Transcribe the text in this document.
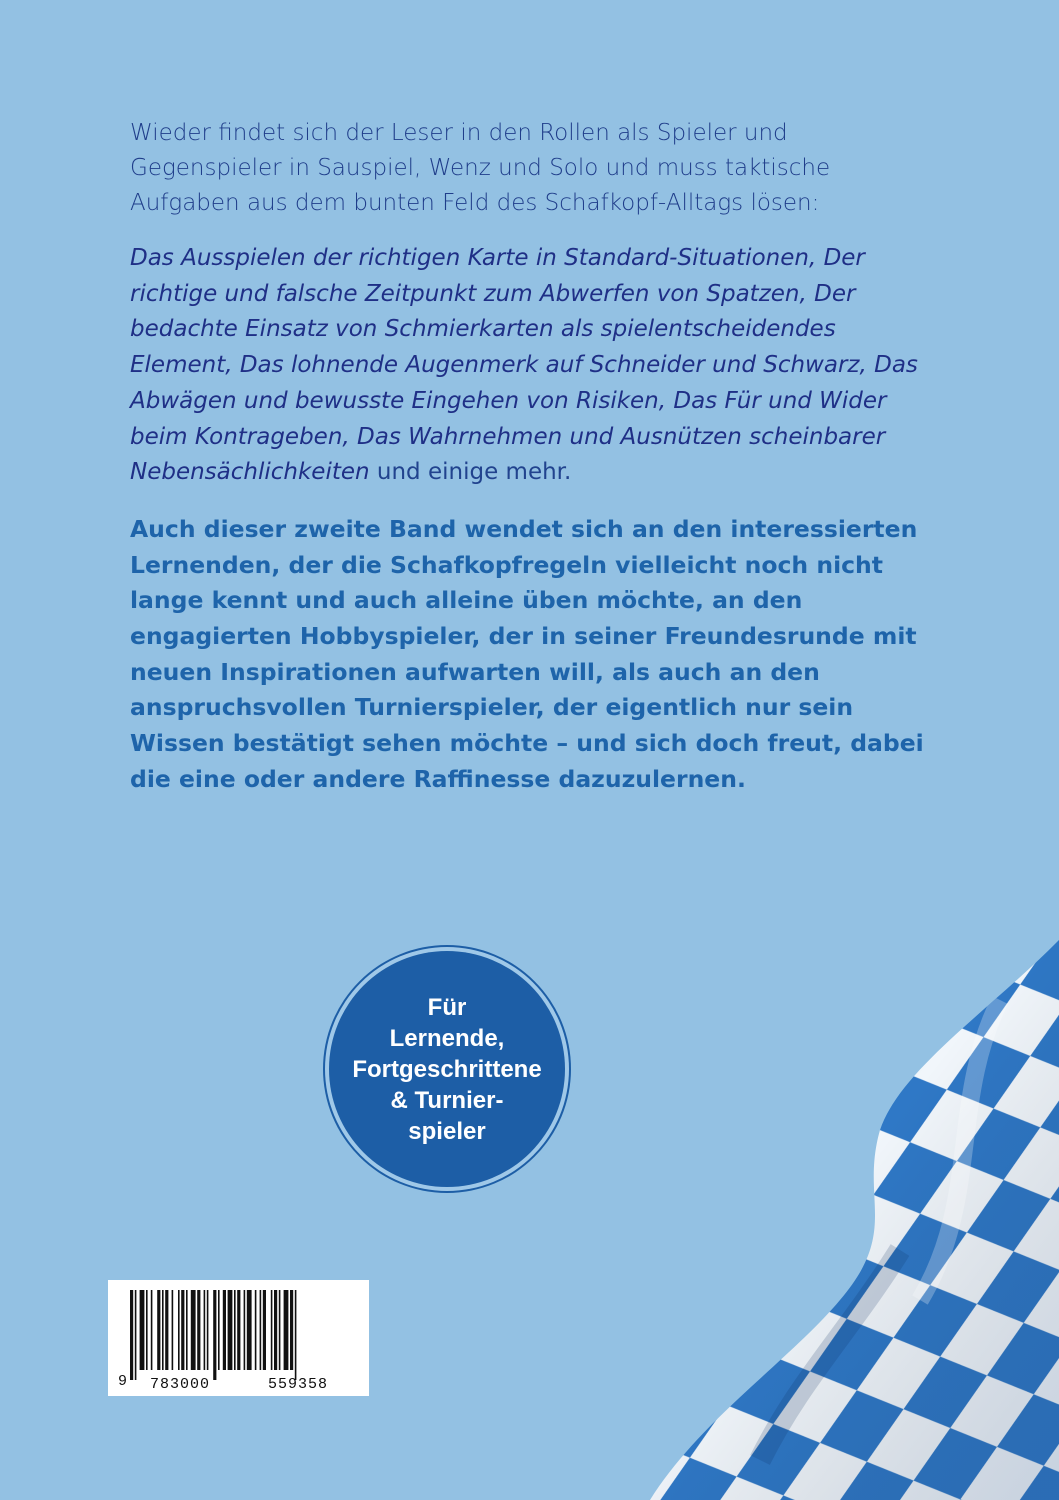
Wieder findet sich der Leser in den Rollen als Spieler und Gegenspieler in Sauspiel, Wenz und Solo und muss taktische Aufgaben aus dem bunten Feld des Schafkopf-Alltags lösen:

Das Ausspielen der richtigen Karte in Standard-Situationen, Der richtige und falsche Zeitpunkt zum Abwerfen von Spatzen, Der bedachte Einsatz von Schmierkarten als spielentscheidendes Element, Das lohnende Augenmerk auf Schneider und Schwarz, Das Abwägen und bewusste Eingehen von Risiken, Das Für und Wider beim Kontrageben, Das Wahrnehmen und Ausnützen scheinbarer Nebensächlichkeiten und einige mehr.

Auch dieser zweite Band wendet sich an den interessierten Lernenden, der die Schafkopfregeln vielleicht noch nicht lange kennt und auch alleine üben möchte, an den engagierten Hobbyspieler, der in seiner Freundesrunde mit neuen Inspirationen aufwarten will, als auch an den anspruchsvollen Turnierspieler, der eigentlich nur sein Wissen bestätigt sehen möchte – und sich doch freut, dabei die eine oder andere Raffinesse dazuzulernen.

Für
Lernende,
Fortgeschrittene
& Turnier-
spieler
9 783000	559358
